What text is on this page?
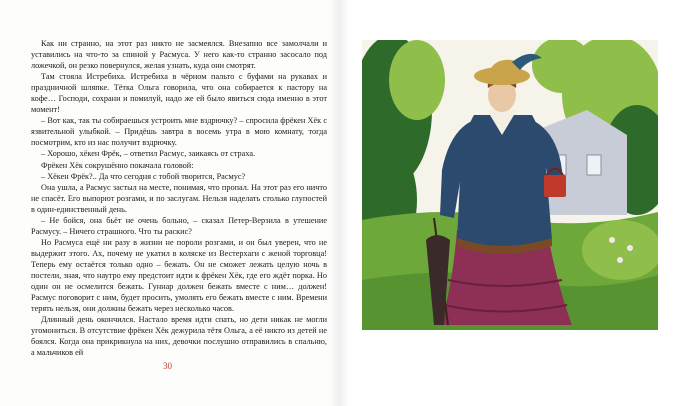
Как ни странно, на этот раз никто не засмеялся. Внезапно все замолчали и уставились на что-то за спиной у Расмуса. У него как-то странно засосало под ложечкой, он резко повернулся, желая узнать, куда они смотрят.

Там стояла Истребиха. Истребиха в чёрном пальто с буфами на рукавах и праздничной шляпке. Тётка Ольга говорила, что она собирается к пастору на кофе… Господи, сохрани и помилуй, надо же ей было явиться сюда именно в этот момент!

– Вот как, так ты собираешься устроить мне вздрючку? – спросила фрёкен Хёк с язвительной улыбкой. – Придёшь завтра в восемь утра в мою комнату, тогда посмотрим, кто из нас получит вздрючку.

– Хорошо, хёкен Фрёк, – ответил Расмус, заикаясь от страха.

Фрёкен Хёк сокрушённо покачала головой:

– Хёкен Фрёк?.. Да что сегодня с тобой творится, Расмус?

Она ушла, а Расмус застыл на месте, понимая, что пропал. На этот раз его ничто не спасёт. Его выпорют розгами, и по заслугам. Нельзя наделать столько глупостей в один-единственный день.

– Не бойся, она бьёт не очень больно, – сказал Петер-Верзила в утешение Расмусу. – Ничего страшного. Что ты раскис?

Но Расмуса ещё ни разу в жизни не пороли розгами, и он был уверен, что не выдержит этого. Ах, почему не укатил в коляске из Вестерхаги с женой торговца! Теперь ему остаётся только одно – бежать. Он не сможет лежать целую ночь в постели, зная, что наутро ему предстоит идти к фрёкен Хёк, где его ждёт порка. Но один он не осмелится бежать. Гуннар должен бежать вместе с ним… должен! Расмус поговорит с ним, будет просить, умолять его бежать вместе с ним. Времени терять нельзя, они должны бежать через несколько часов.

Длинный день окончился. Настало время идти спать, но дети никак не могли угомониться. В отсутствие фрёкен Хёк дежурила тётя Ольга, а её никто из детей не боялся. Когда она прикрикнула на них, девочки послушно отправились в спальню, а мальчиков ей

30
